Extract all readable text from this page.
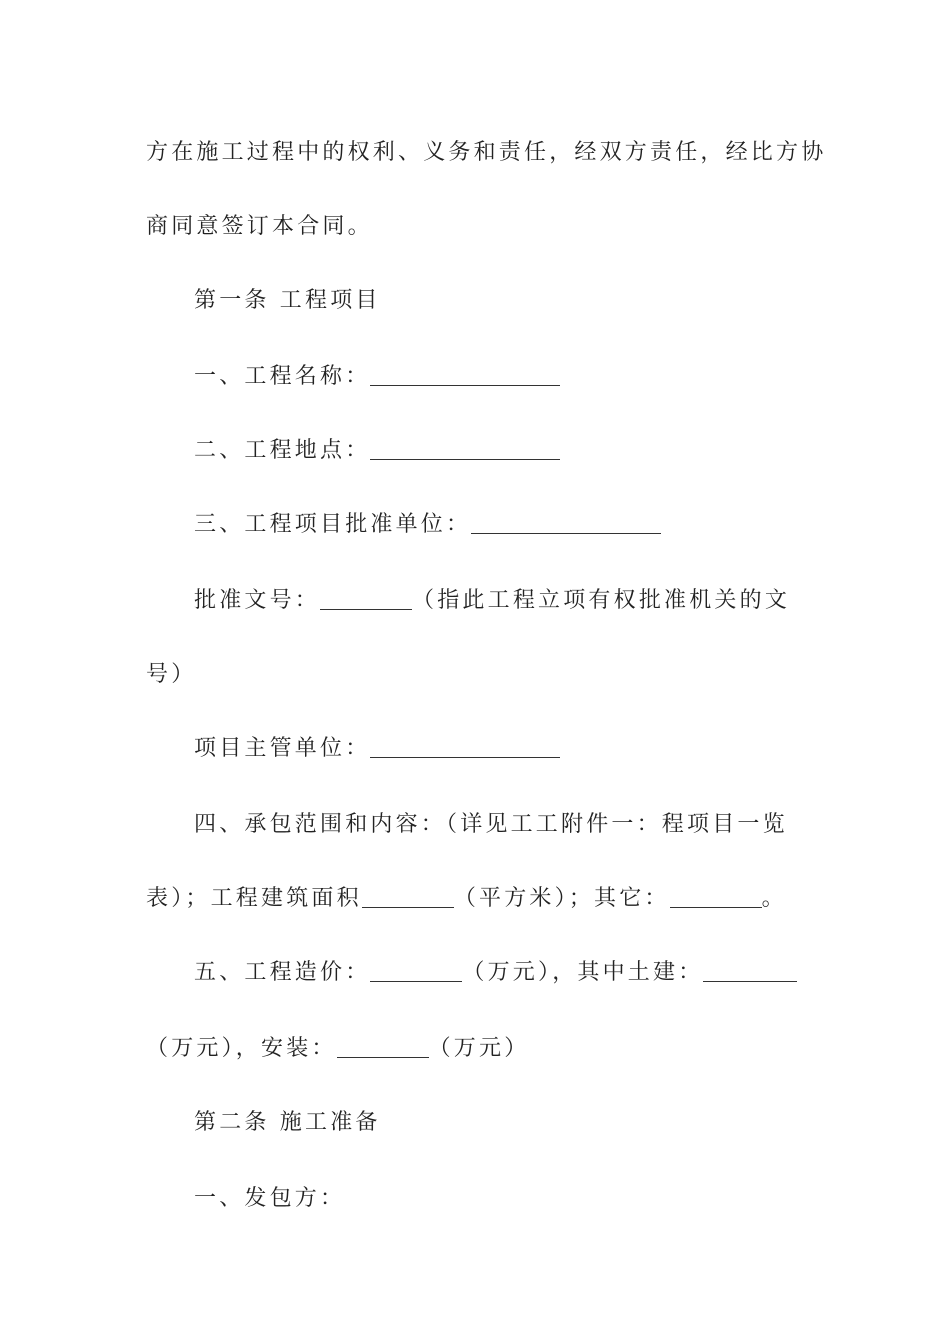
方在施工过程中的权利、义务和责任，经双方责任，经比方协

商同意签订本合同。

第一条 工程项目

一、工程名称：

二、工程地点：

三、工程项目批准单位：

批准文号：	（指此工程立项有权批准机关的文

号）

项目主管单位：

四、承包范围和内容：（详见工工附件一：程项目一览

表）；工程建筑面积	（平方米）；其它：	。

五、工程造价：	（万元），其中土建：

（万元），安装：	（万元）

第二条 施工准备

一、发包方：
